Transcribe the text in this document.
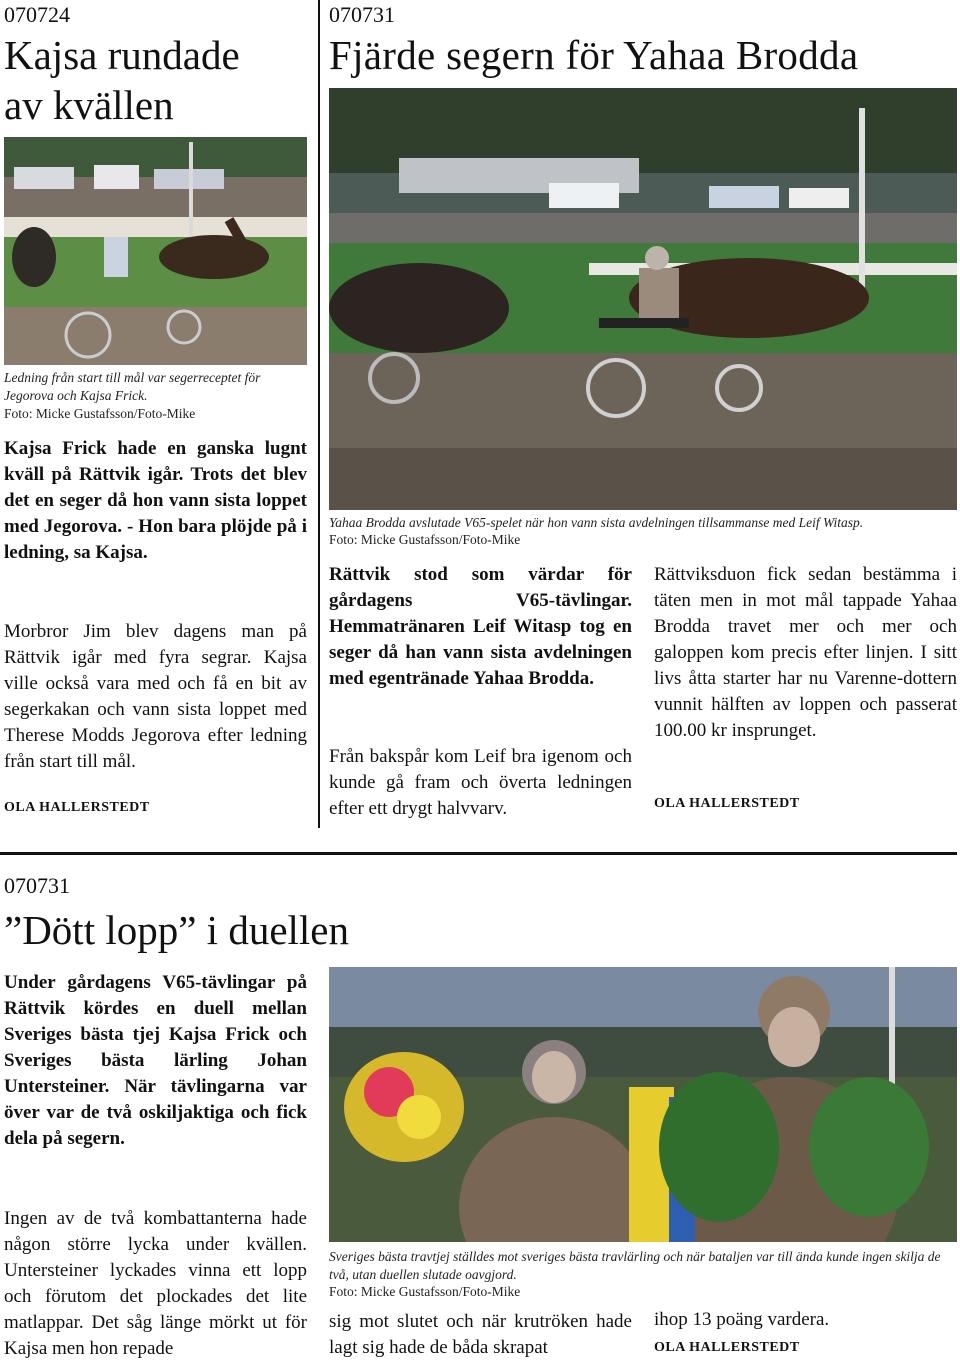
070724
Kajsa rundade
av kvällen
Ledning från start till mål var segerreceptet för Jegorova och Kajsa Frick.
Foto: Micke Gustafsson/Foto-Mike
Kajsa Frick hade en ganska lugnt kväll på Rättvik igår. Trots det blev det en seger då hon vann sista loppet med Jegorova. - Hon bara plöjde på i ledning, sa Kajsa.
Morbror Jim blev dagens man på Rättvik igår med fyra segrar. Kajsa ville också vara med och få en bit av segerkakan och vann sista loppet med Therese Modds Jegorova efter ledning från start till mål.
OLA HALLERSTEDT
070731
Fjärde segern för Yahaa Brodda
Yahaa Brodda avslutade V65-spelet när hon vann sista avdelningen tillsammanse med Leif Witasp.
Foto: Micke Gustafsson/Foto-Mike
Rättvik stod som värdar för gårdagens V65-tävlingar. Hemmatränaren Leif Witasp tog en seger då han vann sista avdelningen med egentränade Yahaa Brodda.
Från bakspår kom Leif bra igenom och kunde gå fram och överta ledningen efter ett drygt halvvarv.
Rättviksduon fick sedan bestämma i täten men in mot mål tappade Yahaa Brodda travet mer och mer och galoppen kom precis efter linjen. I sitt livs åtta starter har nu Varenne-dottern vunnit hälften av loppen och passerat 100.00 kr insprunget.
OLA HALLERSTEDT
070731
”Dött lopp” i duellen
Under gårdagens V65-tävlingar på Rättvik kördes en duell mellan Sveriges bästa tjej Kajsa Frick och Sveriges bästa lärling Johan Untersteiner. När tävlingarna var över var de två oskiljaktiga och fick dela på segern.
Ingen av de två kombattanterna hade någon större lycka under kvällen. Untersteiner lyckades vinna ett lopp och förutom det plockades det lite matlappar. Det såg länge mörkt ut för Kajsa men hon repade
Sveriges bästa travtjej ställdes mot sveriges bästa travlärling och när bataljen var till ända kunde ingen skilja de två, utan duellen slutade oavgjord.
Foto: Micke Gustafsson/Foto-Mike
sig mot slutet och när krutröken hade lagt sig hade de båda skrapat
ihop 13 poäng vardera.
OLA HALLERSTEDT
